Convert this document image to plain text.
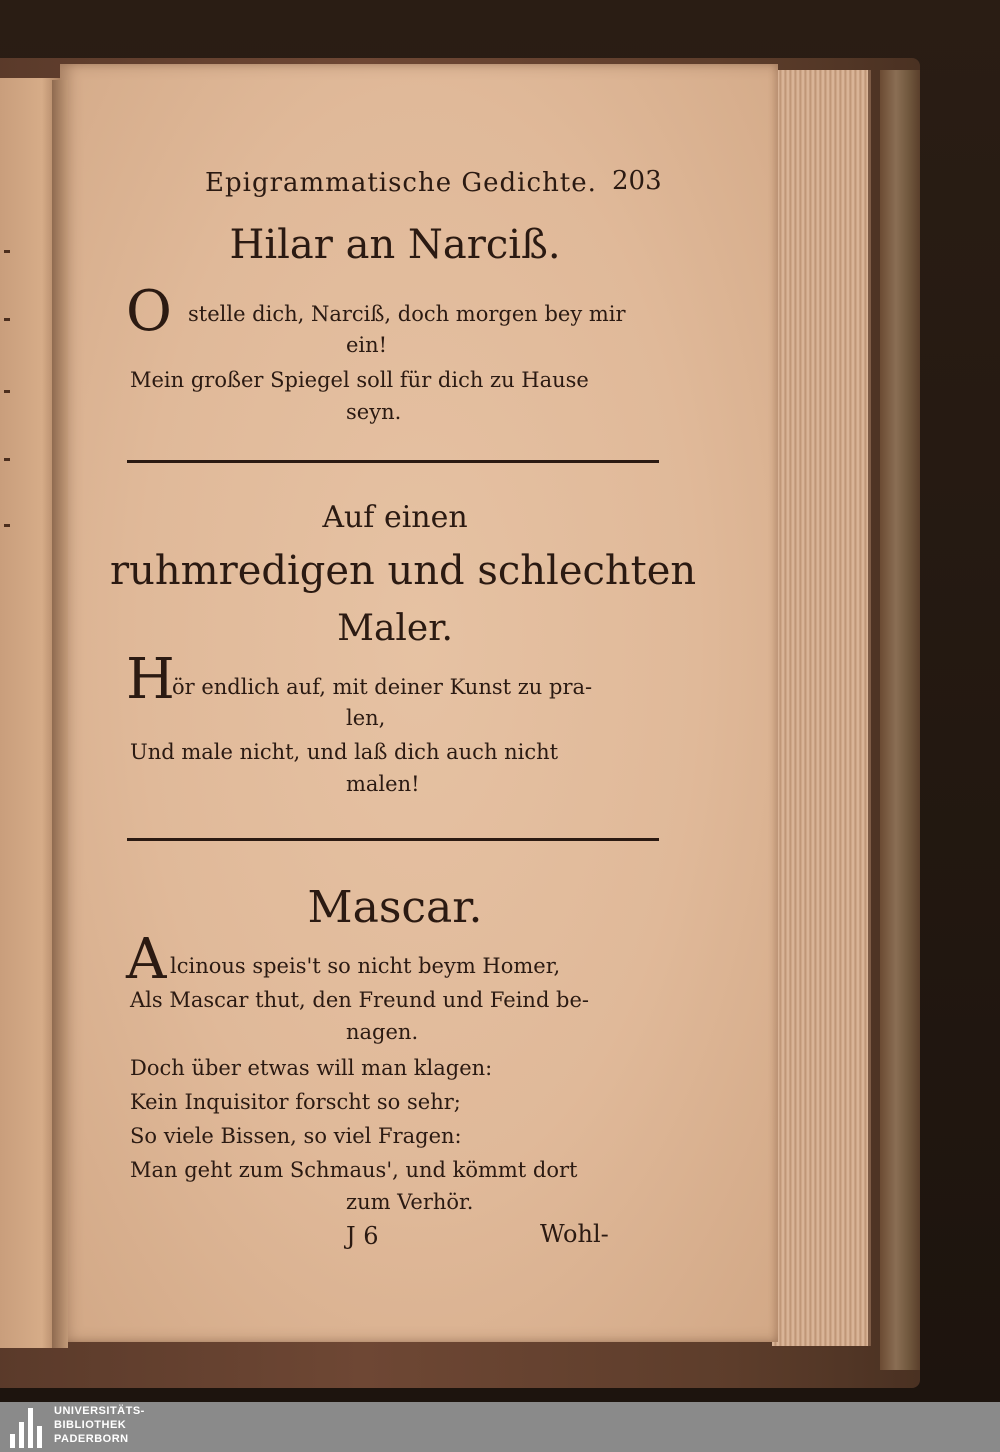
Epigrammatische Gedichte. 203
Hilar an Narciß.
O stelle dich, Narciß, doch morgen bey mir
ein!
Mein großer Spiegel soll für dich zu Hause
seyn.
Auf einen
ruhmredigen und schlechten
Maler.
H
ör endlich auf, mit deiner Kunst zu pra-
len,
Und male nicht, und laß dich auch nicht
malen!
Mascar.
A lcinous speis't so nicht beym Homer,
Als Mascar thut, den Freund und Feind be-
nagen.
Doch über etwas will man klagen:
Kein Inquisitor forscht so sehr;
So viele Bissen, so viel Fragen:
Man geht zum Schmaus', und kömmt dort
zum Verhör.
J 6	Wohl-
UNIVERSITÄTS-
BIBLIOTHEK
PADERBORN
